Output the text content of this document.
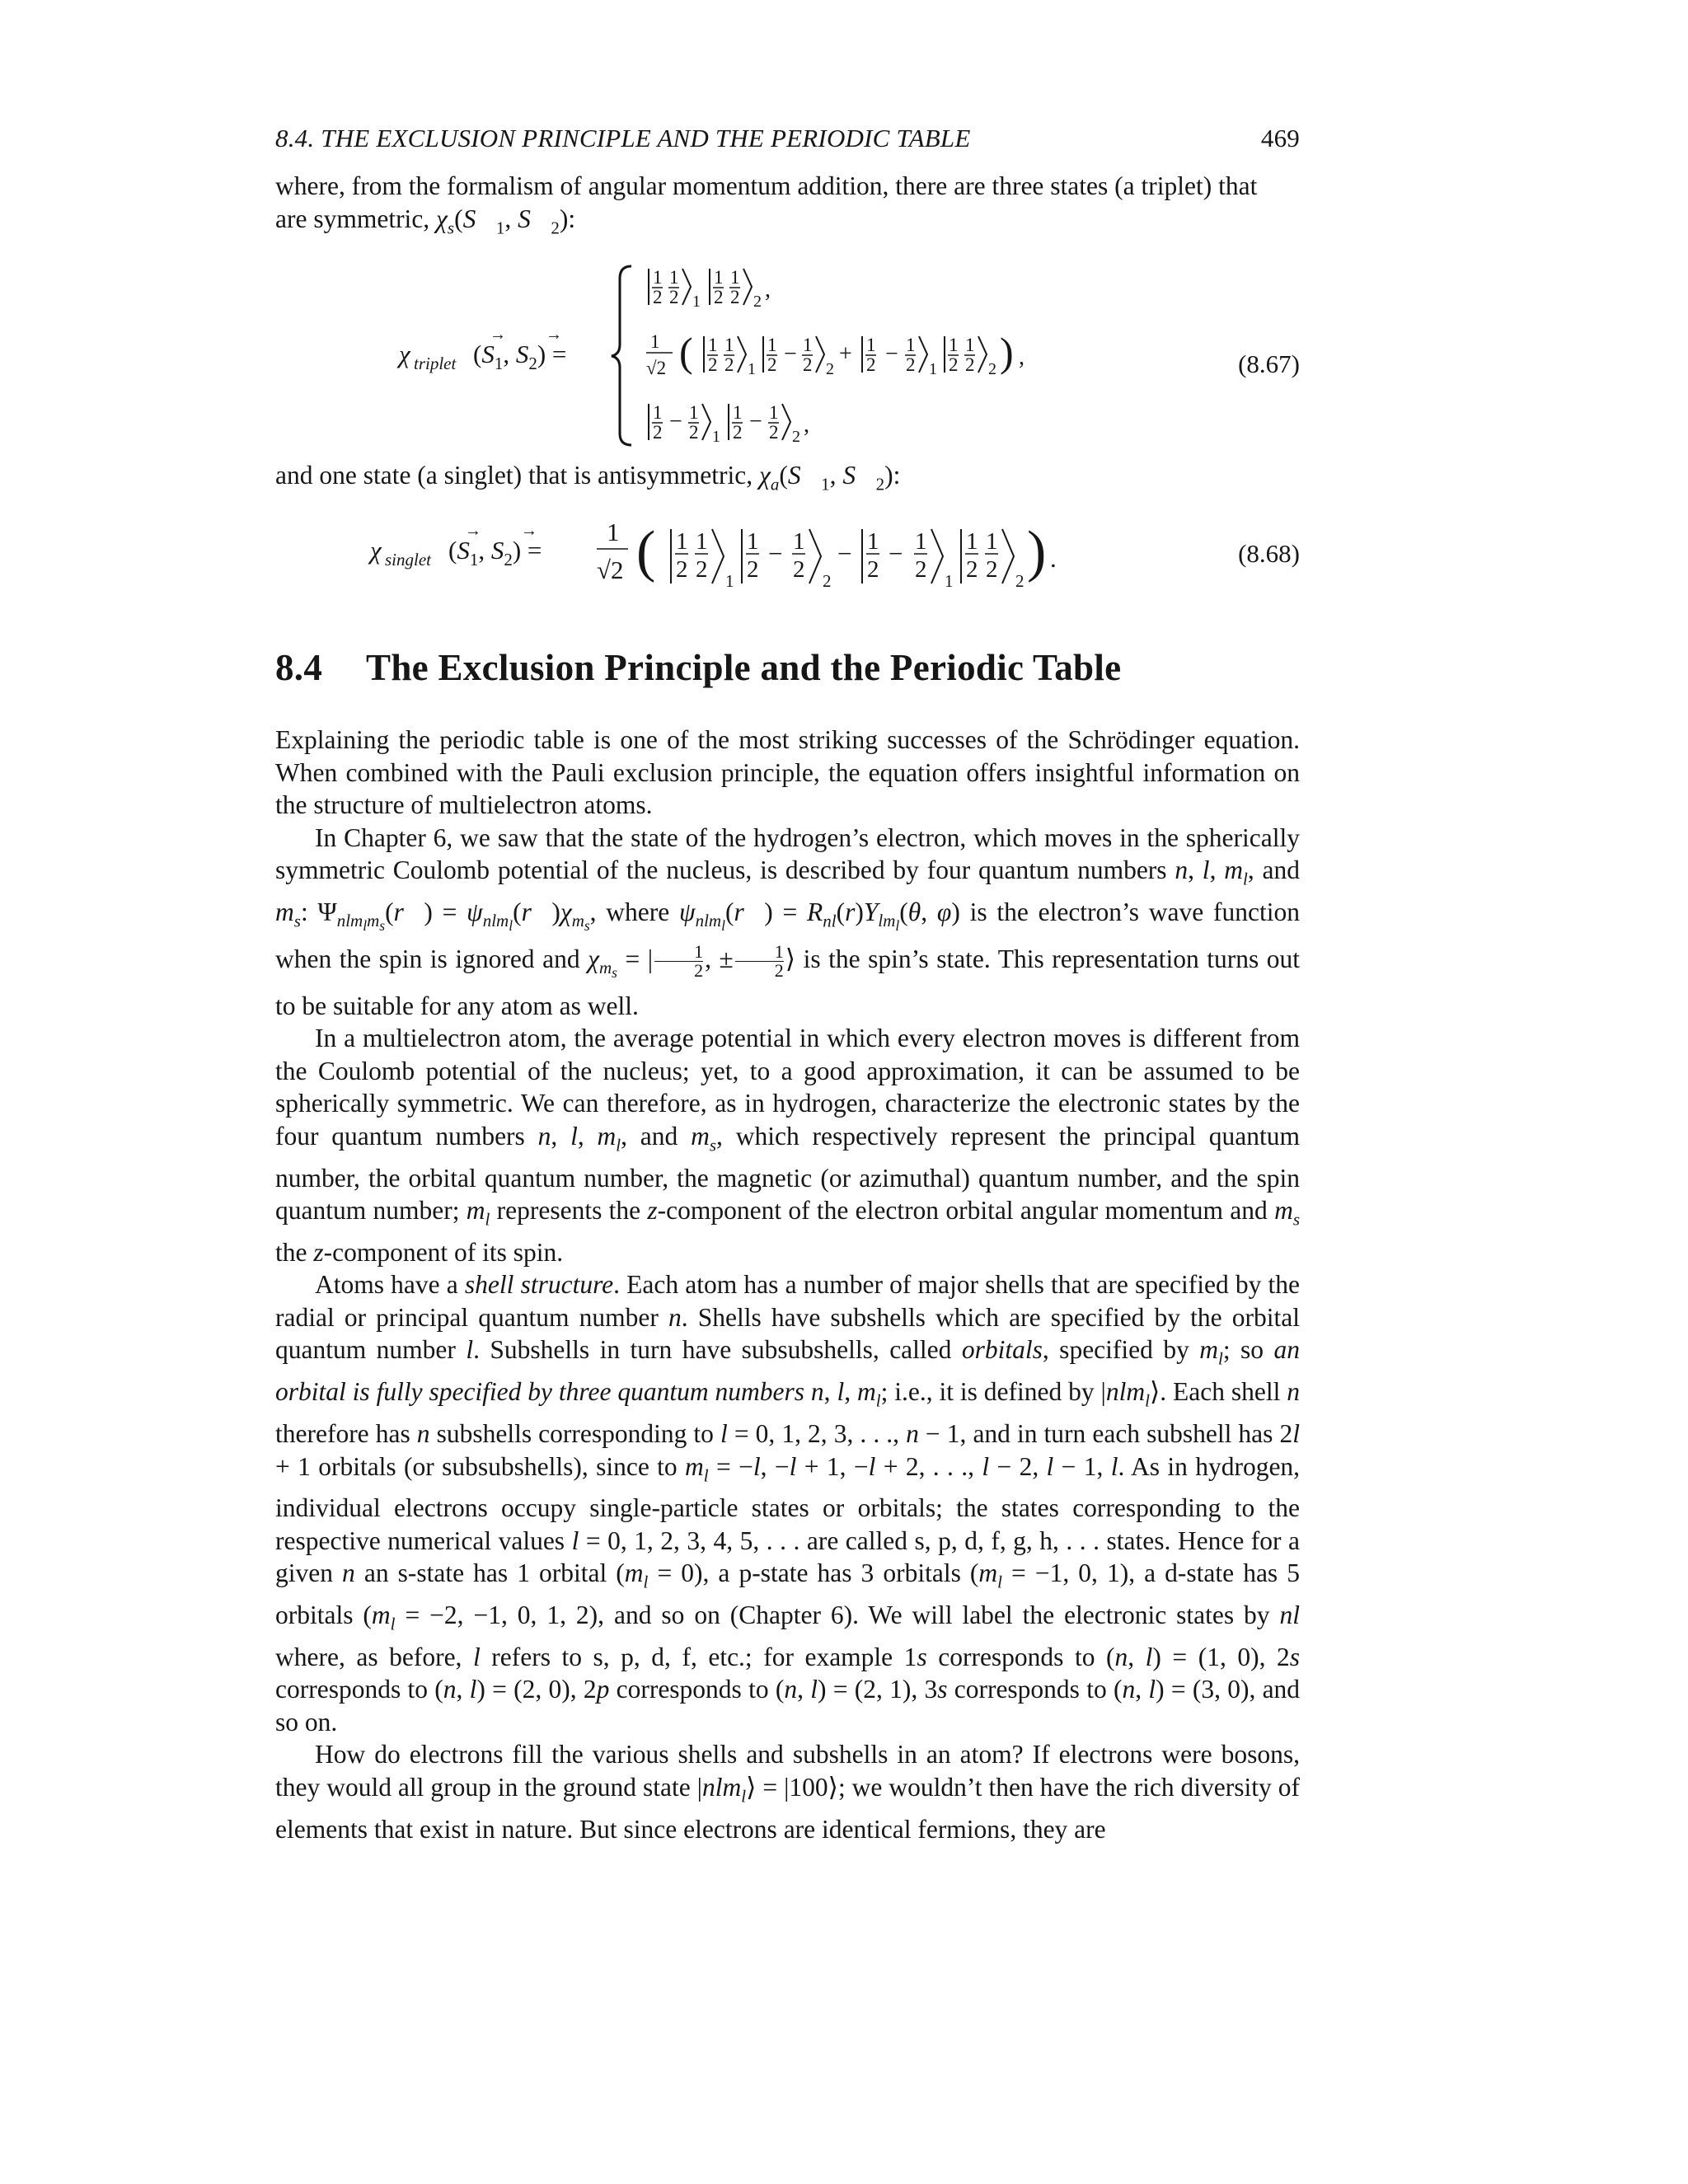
8.4. THE EXCLUSION PRINCIPLE AND THE PERIODIC TABLE	469

where, from the formalism of angular momentum addition, there are three states (a triplet) that

are symmetric, $\chi_s(S⃗_1$, $S⃗_2$):

χ triplet ($S_1$, $S_2$) =
→ →
1
2
1
2 1
1
2
1
2 2 ,
1
√2 ( 1
2
1
2 1
1
2 − 1
2 2
+ 1
2 − 1
2 1
1
2
1
2 2 ) ,
1
2 − 1
2 1
1
2 − 1
2 2 ,
(8.67)

and one state (a singlet) that is antisymmetric, $\chi_a(S⃗_1$, $S⃗_2$):

χ singlet ($S_1$, $S_2$) =
→ →	1
√2 ( 1
2
1
2 1
1
2
− 1
2 2
− 1
2
− 1
2 1
1
2
1
2 2 ) .	(8.68)
8.4 The Exclusion Principle and the Periodic Table

Explaining the periodic table is one of the most striking successes of the Schrödinger equation. When combined with the Pauli exclusion principle, the equation offers insightful information on the structure of multielectron atoms.

In Chapter 6, we saw that the state of the hydrogen’s electron, which moves in the spherically symmetric Coulomb potential of the nucleus, is described by four quantum numbers n, l, $m_l$, and $m_s$: $\Psi_{nlm_lm_s}(r⃗)$ = $\psi_{nlm_l}(r⃗)\chi_{m_s}$, where $\psi_{nlm_l}(r⃗) = R_{nl}(r)Y_{lm_l}(\theta$, φ) is the electron’s wave function when the spin is ignored and $\chi_{m_s}$ = | $\frac{1}{2}$ , ± $\frac{1}{2}$ ⟩ is the spin’s state. This representation turns out to be suitable for any atom as well.

In a multielectron atom, the average potential in which every electron moves is different from the Coulomb potential of the nucleus; yet, to a good approximation, it can be assumed to be spherically symmetric. We can therefore, as in hydrogen, characterize the electronic states by the four quantum numbers n, l, $m_l$, and $m_s$, which respectively represent the principal quantum number, the orbital quantum number, the magnetic (or azimuthal) quantum number, and the spin quantum number; $m_l$ represents the z-component of the electron orbital angular momentum and $m_s$ the z-component of its spin.

Atoms have a shell structure. Each atom has a number of major shells that are specified by the radial or principal quantum number n. Shells have subshells which are specified by the orbital quantum number l. Subshells in turn have subsubshells, called orbitals, specified by $m_l$; so an orbital is fully specified by three quantum numbers n, l, $m_l$; i.e., it is defined by |nlm$_l$⟩. Each shell n therefore has n subshells corresponding to l = 0, 1, 2, 3, . . ., n − 1, and in turn each subshell has 2l + 1 orbitals (or subsubshells), since to $m_l = -l$, −l + 1, −l + 2, . . ., l − 2, l − 1, l. As in hydrogen, individual electrons occupy single-particle states or orbitals; the states corresponding to the respective numerical values l = 0, 1, 2, 3, 4, 5, . . . are called s, p, d, f, g, h, . . . states. Hence for a given n an s-state has 1 orbital $(m_l = 0)$, a p-state has 3 orbitals ($m_l = -1$, 0, 1), a d-state has 5 orbitals ($m_l = -2$, −1, 0, 1, 2), and so on (Chapter 6). We will label the electronic states by nl where, as before, l refers to s, p, d, f, etc.; for example 1s corresponds to (n, l) = (1, 0), 2s corresponds to (n, l) = (2, 0), 2p corresponds to (n, l) = (2, 1), 3s corresponds to (n, l) = (3, 0), and so on.

How do electrons fill the various shells and subshells in an atom? If electrons were bosons, they would all group in the ground state |nlm$_l$⟩ = |100⟩; we wouldn’t then have the rich diversity of elements that exist in nature. But since electrons are identical fermions, they are
